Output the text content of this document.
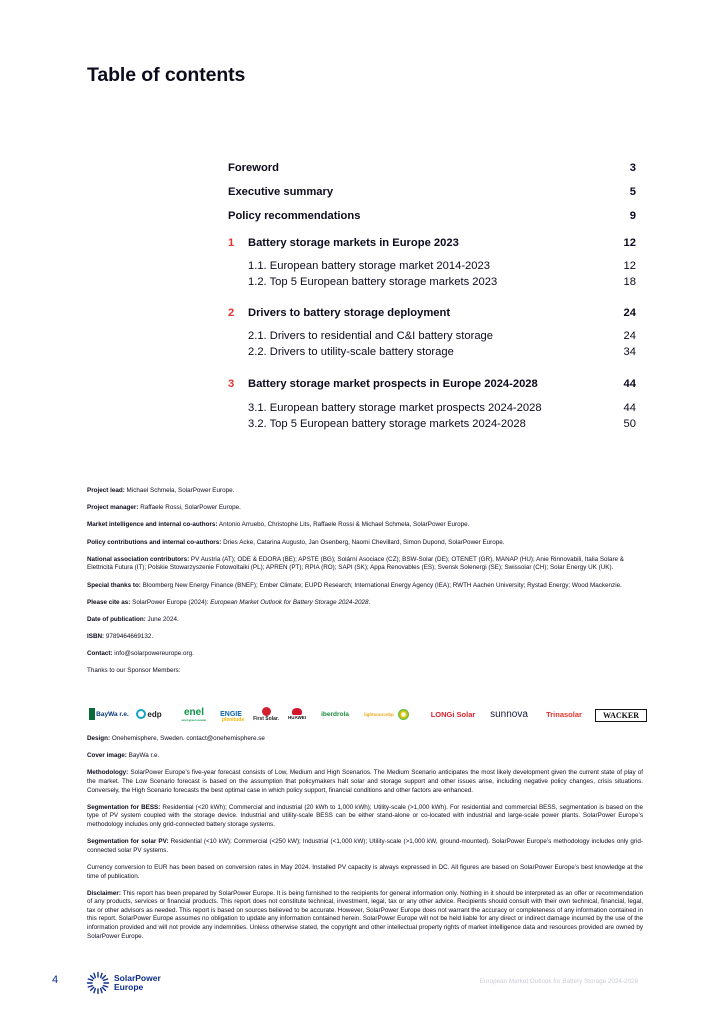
Table of contents
Foreword	3
Executive summary	5
Policy recommendations	9
1 Battery storage markets in Europe 2023	12
1.1. European battery storage market 2014-2023	12
1.2. Top 5 European battery storage markets 2023	18
2 Drivers to battery storage deployment	24
2.1. Drivers to residential and C&I battery storage	24
2.2. Drivers to utility-scale battery storage	34
3 Battery storage market prospects in Europe 2024-2028	44
3.1. European battery storage market prospects 2024-2028	44
3.2. Top 5 European battery storage markets 2024-2028	50

Project lead: Michael Schmela, SolarPower Europe.

Project manager: Raffaele Rossi, SolarPower Europe.

Market intelligence and internal co-authors: Antonio Arruebo, Christophe Lits, Raffaele Rossi & Michael Schmela, SolarPower Europe.

Policy contributions and internal co-authors: Dries Acke, Catarina Augusto, Jan Osenberg, Naomi Chevillard, Simon Dupond, SolarPower Europe.

National association contributors: PV Austria (AT); ODE & EDORA (BE); APSTE (BG); Solární Asociace (CZ); BSW-Solar (DE); OTENET (GR), MANAP (HU); Anie Rinnovabili, Italia Solare & Elettricità Futura (IT); Polskie Stowarzyszenie Fotowoltaiki (PL); APREN (PT); RPIA (RO); SAPI (SK); Appa Renovables (ES); Svensk Solenergi (SE); Swissolar (CH); Solar Energy UK (UK).

Special thanks to: Bloomberg New Energy Finance (BNEF); Ember Climate; EUPD Research; International Energy Agency (IEA); RWTH Aachen University; Rystad Energy; Wood Mackenzie.

Please cite as: SolarPower Europe (2024): European Market Outlook for Battery Storage 2024-2028.

Date of publication: June 2024.

ISBN: 9789464669132.

Contact: info@solarpowereurope.org.

Thanks to our Sponsor Members:

BayWa r.e. edp enel
enel green power
ENGIE
plenitude First Solar. HUAWEI iberdrola	lightsourcebp	LONGi Solar sunnova Trinasolar	WACKER

Design: Onehemisphere, Sweden. contact@onehemisphere.se

Cover image: BayWa r.e.

Methodology: SolarPower Europe’s five-year forecast consists of Low, Medium and High Scenarios. The Medium Scenario anticipates the most likely development given the current state of play of the market. The Low Scenario forecast is based on the assumption that policymakers halt solar and storage support and other issues arise, including negative policy changes, crisis situations. Conversely, the High Scenario forecasts the best optimal case in which policy support, financial conditions and other factors are enhanced.

Segmentation for BESS: Residential (<20 kWh); Commercial and industrial (20 kWh to 1,000 kWh); Utility-scale (>1,000 kWh). For residential and commercial BESS, segmentation is based on the type of PV system coupled with the storage device. Industrial and utility-scale BESS can be either stand-alone or co-located with industrial and large-scale power plants. SolarPower Europe’s methodology includes only grid-connected battery storage systems.

Segmentation for solar PV: Residential (<10 kW); Commercial (<250 kW); Industrial (<1,000 kW); Utility-scale (>1,000 kW, ground-mounted). SolarPower Europe’s methodology includes only grid-connected solar PV systems.

Currency conversion to EUR has been based on conversion rates in May 2024. Installed PV capacity is always expressed in DC. All figures are based on SolarPower Europe’s best knowledge at the time of publication.

Disclaimer: This report has been prepared by SolarPower Europe. It is being furnished to the recipients for general information only. Nothing in it should be interpreted as an offer or recommendation of any products, services or financial products. This report does not constitute technical, investment, legal, tax or any other advice. Recipients should consult with their own technical, financial, legal, tax or other advisors as needed. This report is based on sources believed to be accurate. However, SolarPower Europe does not warrant the accuracy or completeness of any information contained in this report. SolarPower Europe assumes no obligation to update any information contained herein. SolarPower Europe will not be held liable for any direct or indirect damage incurred by the use of the information provided and will not provide any indemnities. Unless otherwise stated, the copyright and other intellectual property rights of market intelligence data and resources provided are owned by SolarPower Europe.

4	SolarPower
Europe
European Market Outlook for Battery Storage 2024-2028
